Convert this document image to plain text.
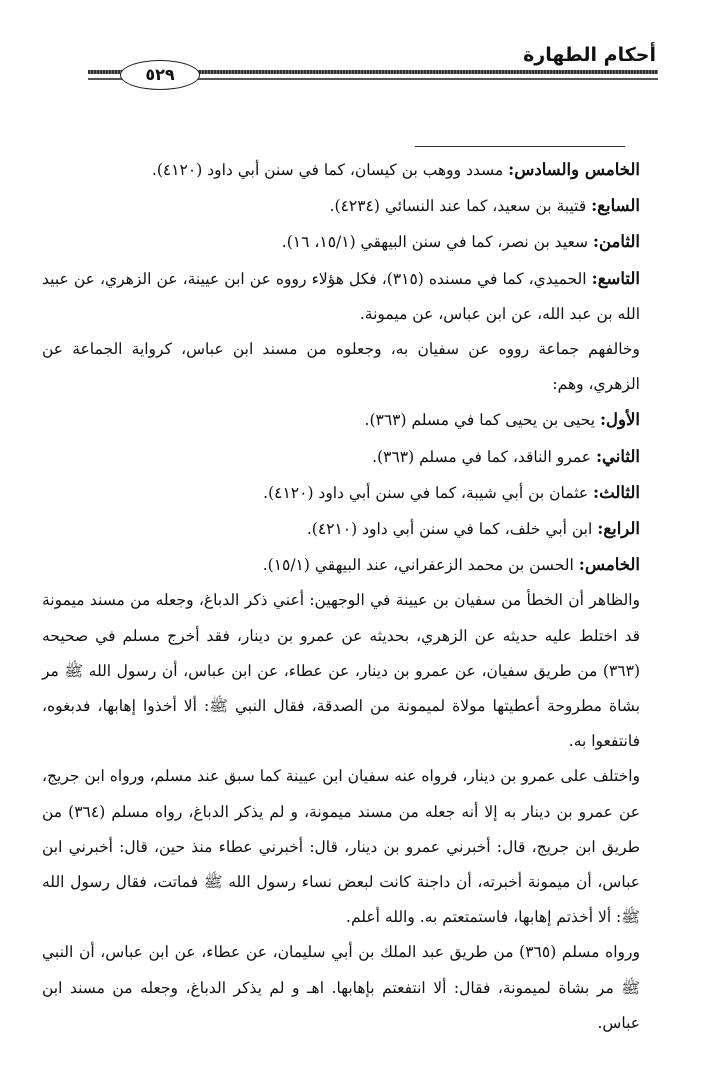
أحكام الطهارة
٥٢٩

الخامس والسادس: مسدد ووهب بن كيسان، كما في سنن أبي داود (٤١٢٠).

السابع: قتيبة بن سعيد، كما عند النسائي (٤٢٣٤).

الثامن: سعيد بن نصر، كما في سنن البيهقي (١٥/١، ١٦).

التاسع: الحميدي، كما في مسنده (٣١٥)، فكل هؤلاء رووه عن ابن عيينة، عن الزهري، عن عبيد الله بن عبد الله، عن ابن عباس، عن ميمونة.

وخالفهم جماعة رووه عن سفيان به، وجعلوه من مسند ابن عباس، كرواية الجماعة عن الزهري، وهم:

الأول: يحيى بن يحيى كما في مسلم (٣٦٣).

الثاني: عمرو الناقد، كما في مسلم (٣٦٣).

الثالث: عثمان بن أبي شيبة، كما في سنن أبي داود (٤١٢٠).

الرابع: ابن أبي خلف، كما في سنن أبي داود (٤٢١٠).

الخامس: الحسن بن محمد الزعفراني، عند البيهقي (١٥/١).

والظاهر أن الخطأ من سفيان بن عيينة في الوجهين: أعني ذكر الدباغ، وجعله من مسند ميمونة قد اختلط عليه حديثه عن الزهري، بحديثه عن عمرو بن دينار، فقد أخرج مسلم في صحيحه (٣٦٣) من طريق سفيان، عن عمرو بن دينار، عن عطاء، عن ابن عباس، أن رسول الله ﷺ مر بشاة مطروحة أعطيتها مولاة لميمونة من الصدقة، فقال النبي ﷺ: ألا أخذوا إهابها، فدبغوه، فانتفعوا به.

واختلف على عمرو بن دينار، فرواه عنه سفيان ابن عيينة كما سبق عند مسلم، ورواه ابن جريج، عن عمرو بن دينار به إلا أنه جعله من مسند ميمونة، و لم يذكر الدباغ، رواه مسلم (٣٦٤) من طريق ابن جريج، قال: أخبرني عمرو بن دينار، قال: أخبرني عطاء منذ حين، قال: أخبرني ابن عباس، أن ميمونة أخبرته، أن داجنة كانت لبعض نساء رسول الله ﷺ فماتت، فقال رسول الله ﷺ: ألا أخذتم إهابها، فاستمتعتم به. والله أعلم.

ورواه مسلم (٣٦٥) من طريق عبد الملك بن أبي سليمان، عن عطاء، عن ابن عباس، أن النبي ﷺ مر بشاة لميمونة، فقال: ألا انتفعتم بإهابها. اهـ و لم يذكر الدباغ، وجعله من مسند ابن عباس.
